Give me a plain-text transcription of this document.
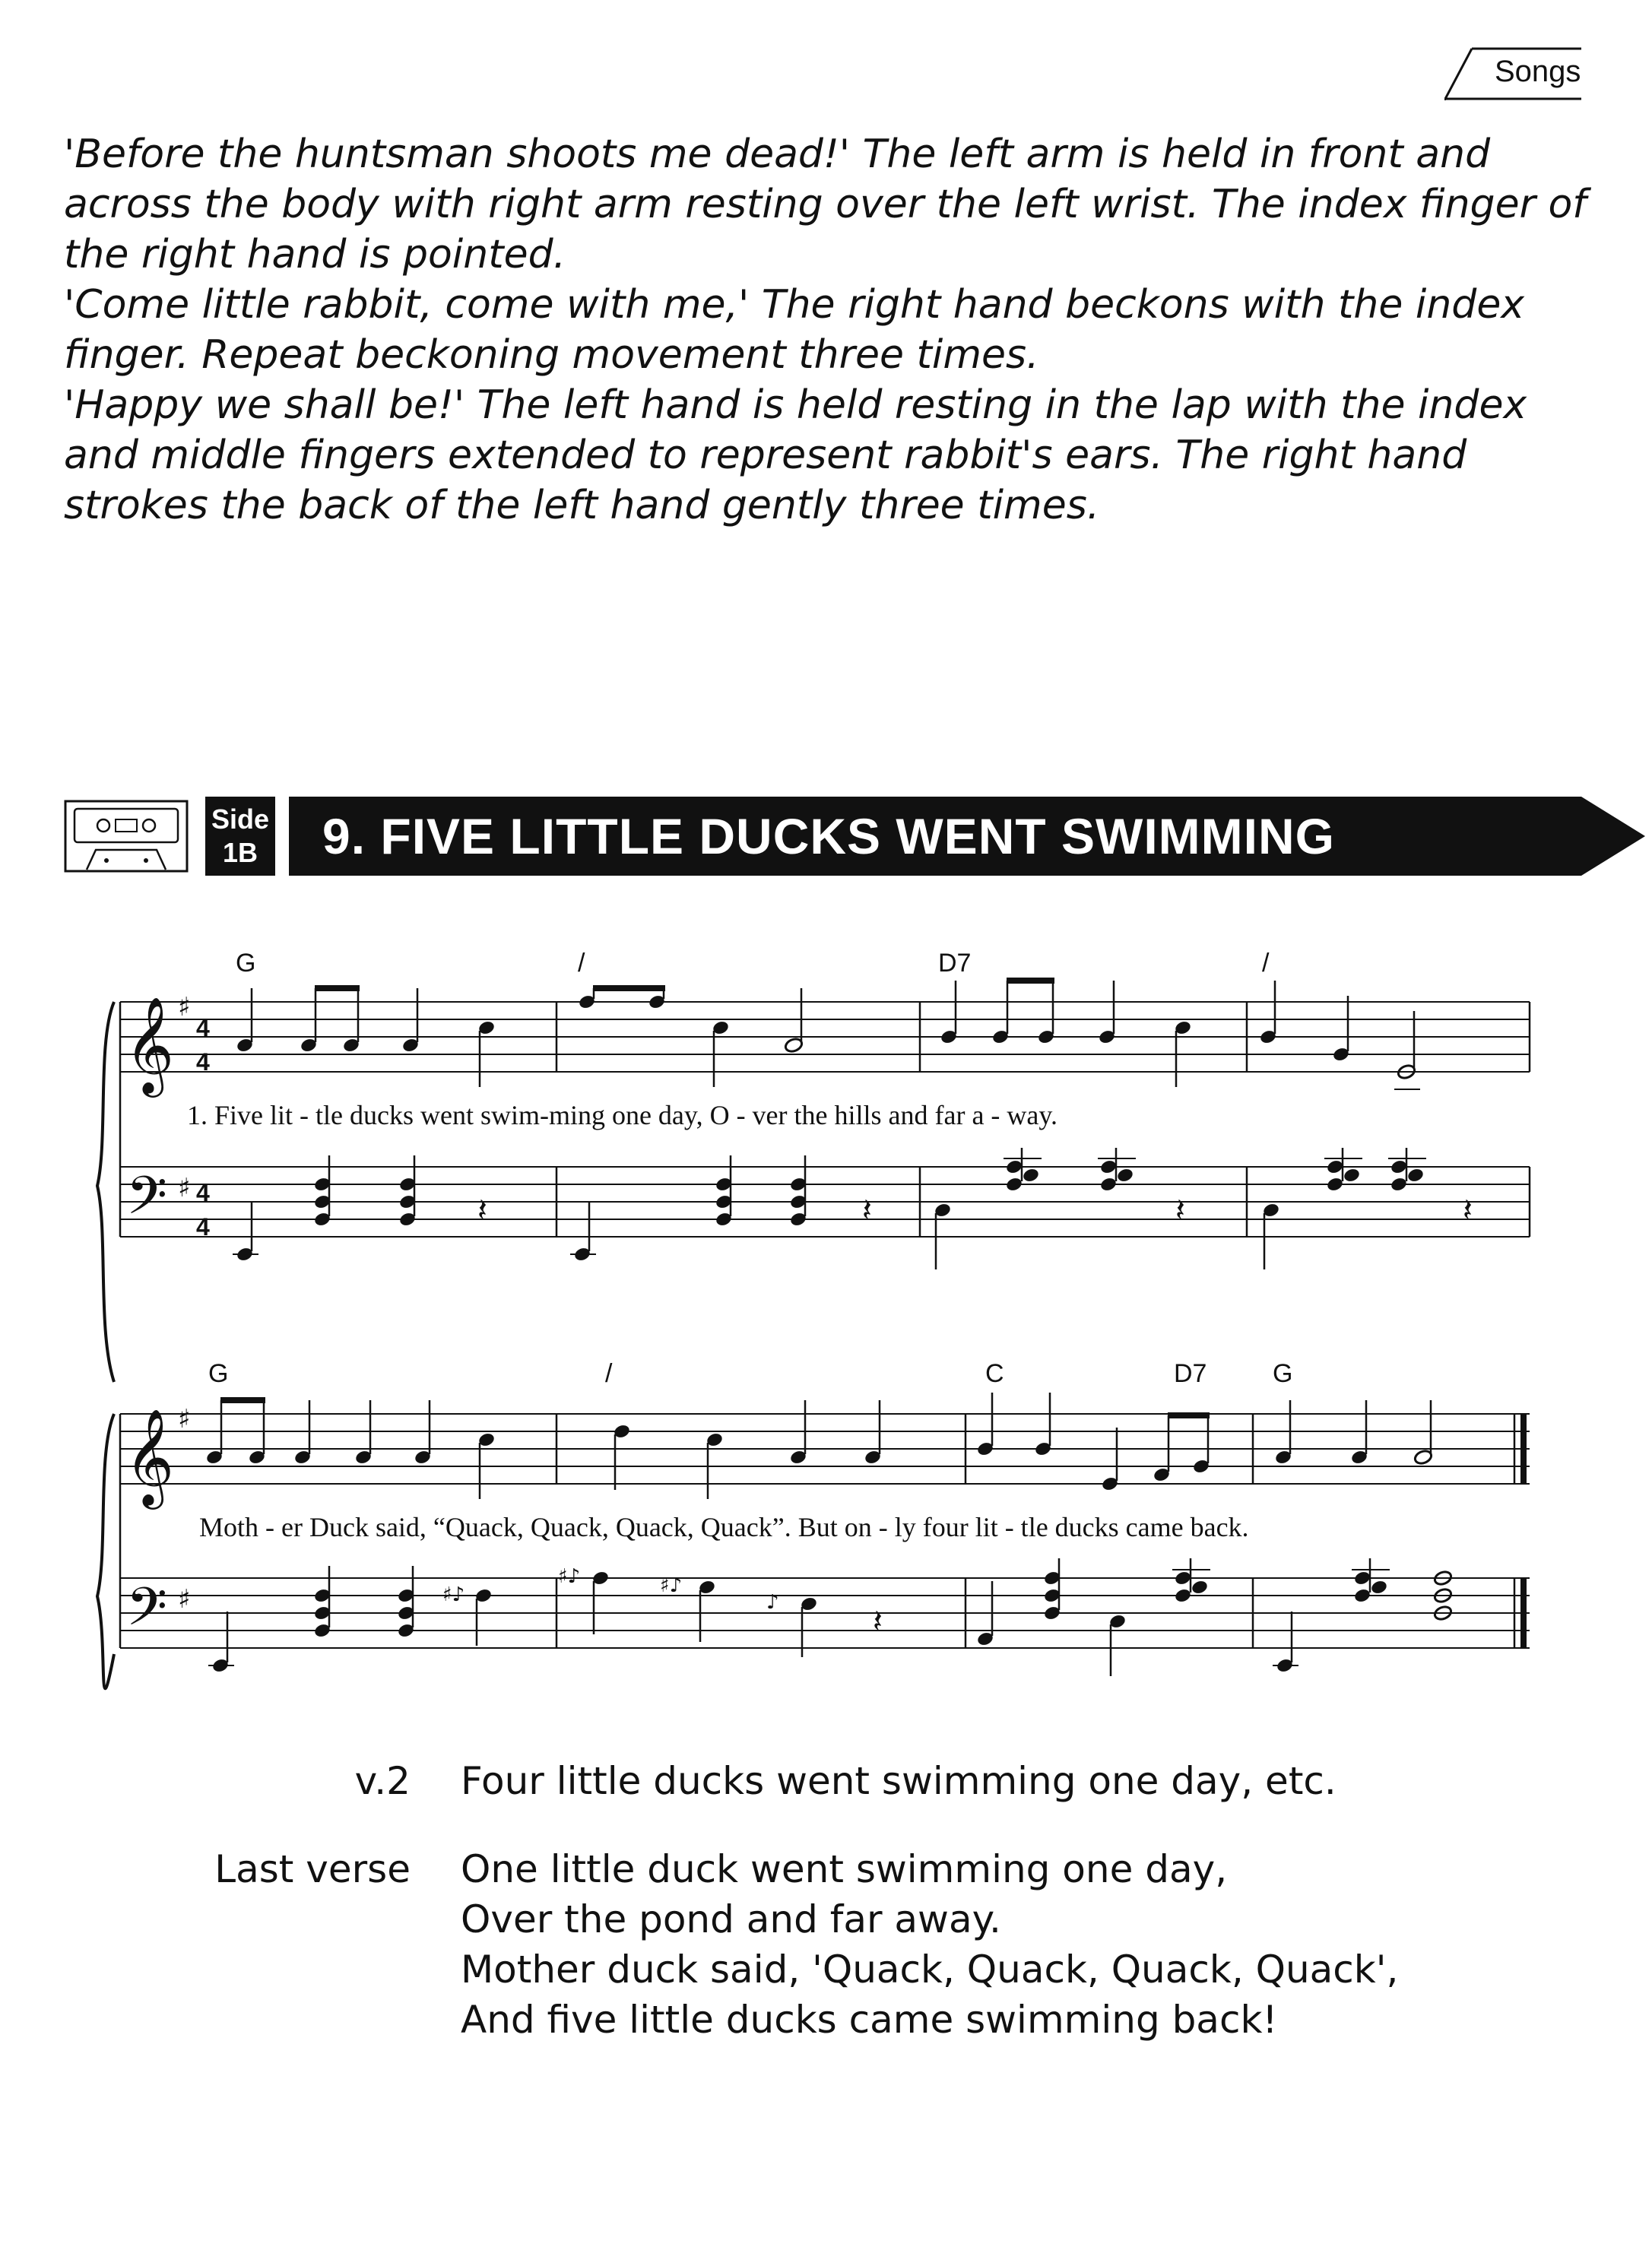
Songs

'Before the huntsman shoots me dead!' The left arm is held in front and across the body with right arm resting over the left wrist. The index finger of the right hand is pointed.

'Come little rabbit, come with me,' The right hand beckons with the index finger. Repeat beckoning movement three times.

'Happy we shall be!' The left hand is held resting in the lap with the index and middle fingers extended to represent rabbit's ears. The right hand strokes the back of the left hand gently three times.

Side
1B	9. FIVE LITTLE DUCKS WENT SWIMMING
𝄞
𝄢
♯
♯
4
4
4
4	𝄽	𝄽	𝄽	𝄽
𝄞
𝄢
♯
♯	♯♪
♯♪	♯♪
♪	𝄽
G	/	D7	/
G	/	C	D7	G
1. Five lit - tle ducks went swim-ming one day, O - ver the hills and far a - way.
Moth - er Duck said, “Quack, Quack, Quack, Quack”. But on - ly four lit - tle ducks came back.
v.2 Four little ducks went swimming one day, etc.
Last verse One little duck went swimming one day,
Over the pond and far away.
Mother duck said, 'Quack, Quack, Quack, Quack',
And five little ducks came swimming back!
